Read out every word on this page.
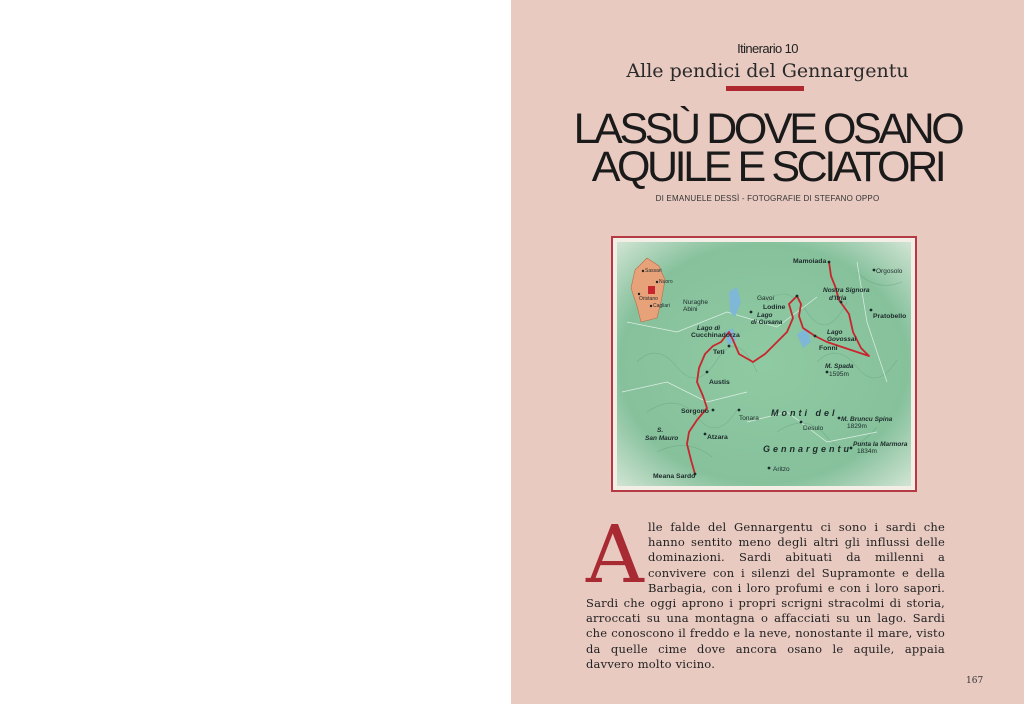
Itinerario 10
Alle pendici del Gennargentu
LASSÙ DOVE OSANO
AQUILE E SCIATORI
DI EMANUELE DESSÌ - FOTOGRAFIE DI STEFANO OPPO
Sassari
Nuoro
Oristano
Cagliari
Mamoiada
Orgosolo
Nostra Signora
d'Itria
Gavoi
Lodine
Pratobello
Nuraghe
Abini
Lago
di Gusana
Lago di
Cucchinadorza	Lago
Govossai
Fonni
Teti
M. Spada
1595m
Austis
Monti del
Sorgono
Tonara
Desulo
M. Bruncu Spina
1829m
S.
San Mauro	Atzara
Punta la Marmora
1834m
Gennargentu
Aritzo
Meana Sardo
Alle falde del Gennargentu ci sono i sardi che hanno sentito meno degli altri gli influssi delle dominazioni. Sardi abituati da millenni a convivere con i silenzi del Supramonte e della Barbagia, con i loro profumi e con i loro sapori. Sardi che oggi aprono i propri scrigni stracolmi di storia, arroccati su una montagna o affacciati su un lago. Sardi che conoscono il freddo e la neve, nonostante il mare, visto da quelle cime dove ancora osano le aquile, appaia davvero molto vicino.
167
